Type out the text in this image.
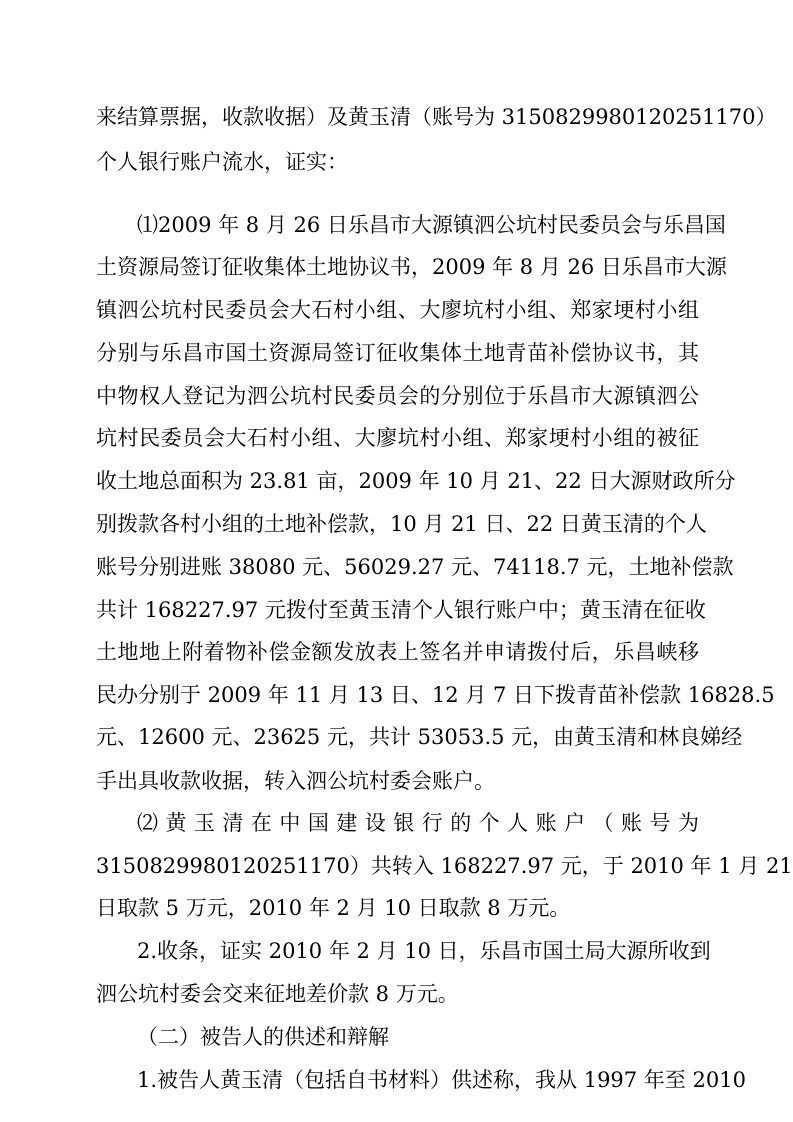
来结算票据，收款收据）及黄玉清（账号为 3150829980120251170）
个人银行账户流水，证实：
⑴2009 年 8 月 26 日乐昌市大源镇泗公坑村民委员会与乐昌国
土资源局签订征收集体土地协议书，2009 年 8 月 26 日乐昌市大源
镇泗公坑村民委员会大石村小组、大廖坑村小组、郑家埂村小组
分别与乐昌市国土资源局签订征收集体土地青苗补偿协议书，其
中物权人登记为泗公坑村民委员会的分别位于乐昌市大源镇泗公
坑村民委员会大石村小组、大廖坑村小组、郑家埂村小组的被征
收土地总面积为 23.81 亩，2009 年 10 月 21、22 日大源财政所分
别拨款各村小组的土地补偿款，10 月 21 日、22 日黄玉清的个人
账号分别进账 38080 元、56029.27 元、74118.7 元，土地补偿款
共计 168227.97 元拨付至黄玉清个人银行账户中；黄玉清在征收
土地地上附着物补偿金额发放表上签名并申请拨付后，乐昌峡移
民办分别于 2009 年 11 月 13 日、12 月 7 日下拨青苗补偿款 16828.5
元、12600 元、23625 元，共计 53053.5 元，由黄玉清和林良娣经
手出具收款收据，转入泗公坑村委会账户。
⑵ 黄 玉 清 在 中 国 建 设 银 行 的 个 人 账 户 （ 账 号 为
3150829980120251170）共转入 168227.97 元，于 2010 年 1 月 21
日取款 5 万元，2010 年 2 月 10 日取款 8 万元。
2.收条，证实 2010 年 2 月 10 日，乐昌市国土局大源所收到
泗公坑村委会交来征地差价款 8 万元。
（二）被告人的供述和辩解
1.被告人黄玉清（包括自书材料）供述称，我从 1997 年至 2010
